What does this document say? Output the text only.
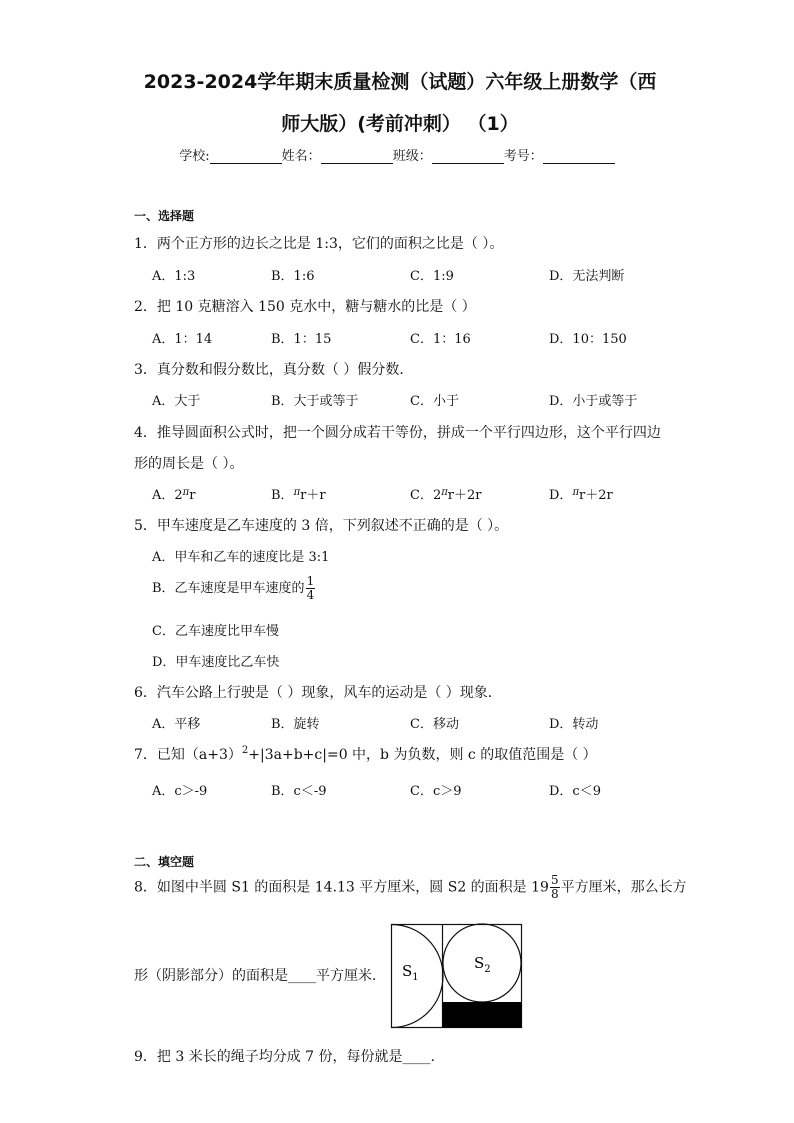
2023-2024学年期末质量检测（试题）六年级上册数学（西
师大版）(考前冲刺） （1）
学校:	姓名：	班级：	考号：
一、选择题
1．两个正方形的边长之比是 1:3，它们的面积之比是（ ）。
A．1:3	B．1:6	C．1:9	D．无法判断
2．把 10 克糖溶入 150 克水中，糖与糖水的比是（ ）
A．1：14	B．1：15	C．1：16	D．10：150
3．真分数和假分数比，真分数（ ）假分数．
A．大于	B．大于或等于	C．小于	D．小于或等于
4．推导圆面积公式时，把一个圆分成若干等份，拼成一个平行四边形，这个平行四边
形的周长是（ ）。
A．$2^\pi r$	B．$^\pi$r＋r	C．$2^\pi r+2r$	D．$^\pi$r＋2r
5．甲车速度是乙车速度的 3 倍，下列叙述不正确的是（ ）。
A．甲车和乙车的速度比是 3:1
B．乙车速度是甲车速度的 $\frac{1}{4}$
C．乙车速度比甲车慢
D．甲车速度比乙车快
6．汽车公路上行驶是（ ）现象，风车的运动是（ ）现象．
A．平移	B．旋转	C．移动	D．转动
7．已知$(a+3)^2+|3a+b+c|=0$ 中，b 为负数，则 c 的取值范围是（ ）
A．c＞-9	B．c＜-9	C．c＞9	D．c＜9
二、填空题
8．如图中半圆 S1 的面积是 14.13 平方厘米，圆 S2 的面积是 $19 \frac{5}{8}$ 平方厘米，那么长方
形（阴影部分）的面积是____平方厘米． $S_1$
$S_2$
9．把 3 米长的绳子均分成 7 份，每份就是____.
